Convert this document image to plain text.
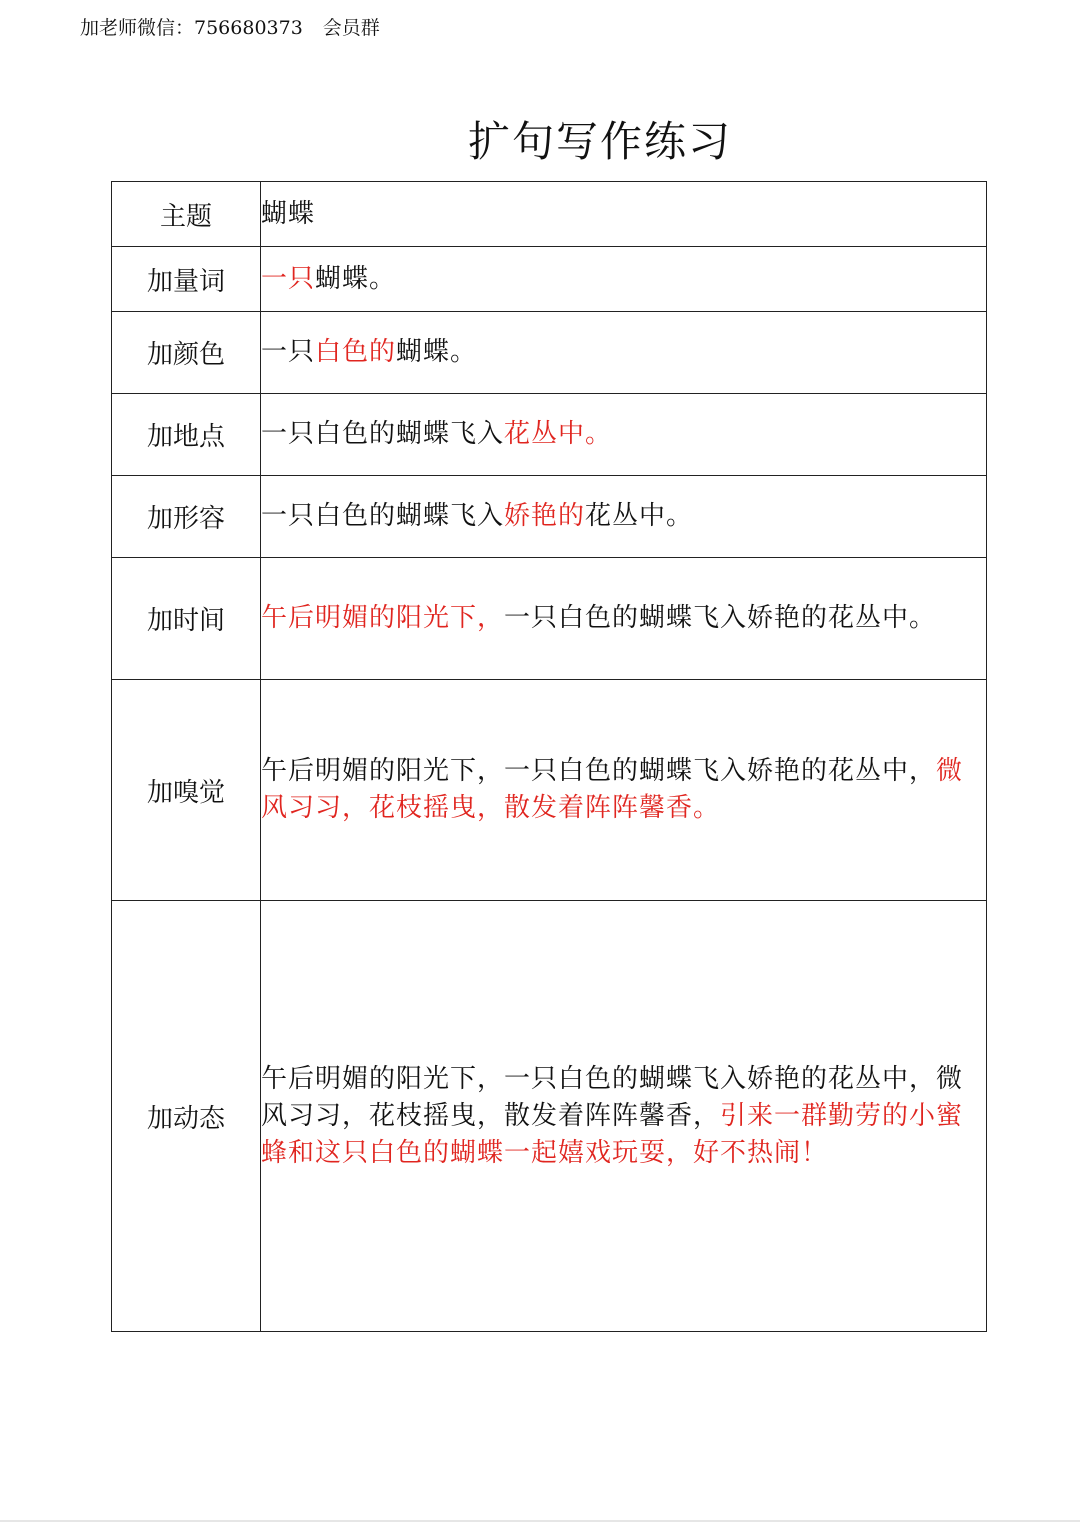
加老师微信：756680373 会员群
扩句写作练习
主题	蝴蝶
加量词	一只蝴蝶。
加颜色	一只白色的蝴蝶。
加地点	一只白色的蝴蝶飞入花丛中。
加形容	一只白色的蝴蝶飞入娇艳的花丛中。
加时间	午后明媚的阳光下，一只白色的蝴蝶飞入娇艳的花丛中。
加嗅觉	午后明媚的阳光下，一只白色的蝴蝶飞入娇艳的花丛中，微风习习，花枝摇曳，散发着阵阵馨香。
加动态	午后明媚的阳光下，一只白色的蝴蝶飞入娇艳的花丛中，微风习习，花枝摇曳，散发着阵阵馨香，引来一群勤劳的小蜜蜂和这只白色的蝴蝶一起嬉戏玩耍，好不热闹！
